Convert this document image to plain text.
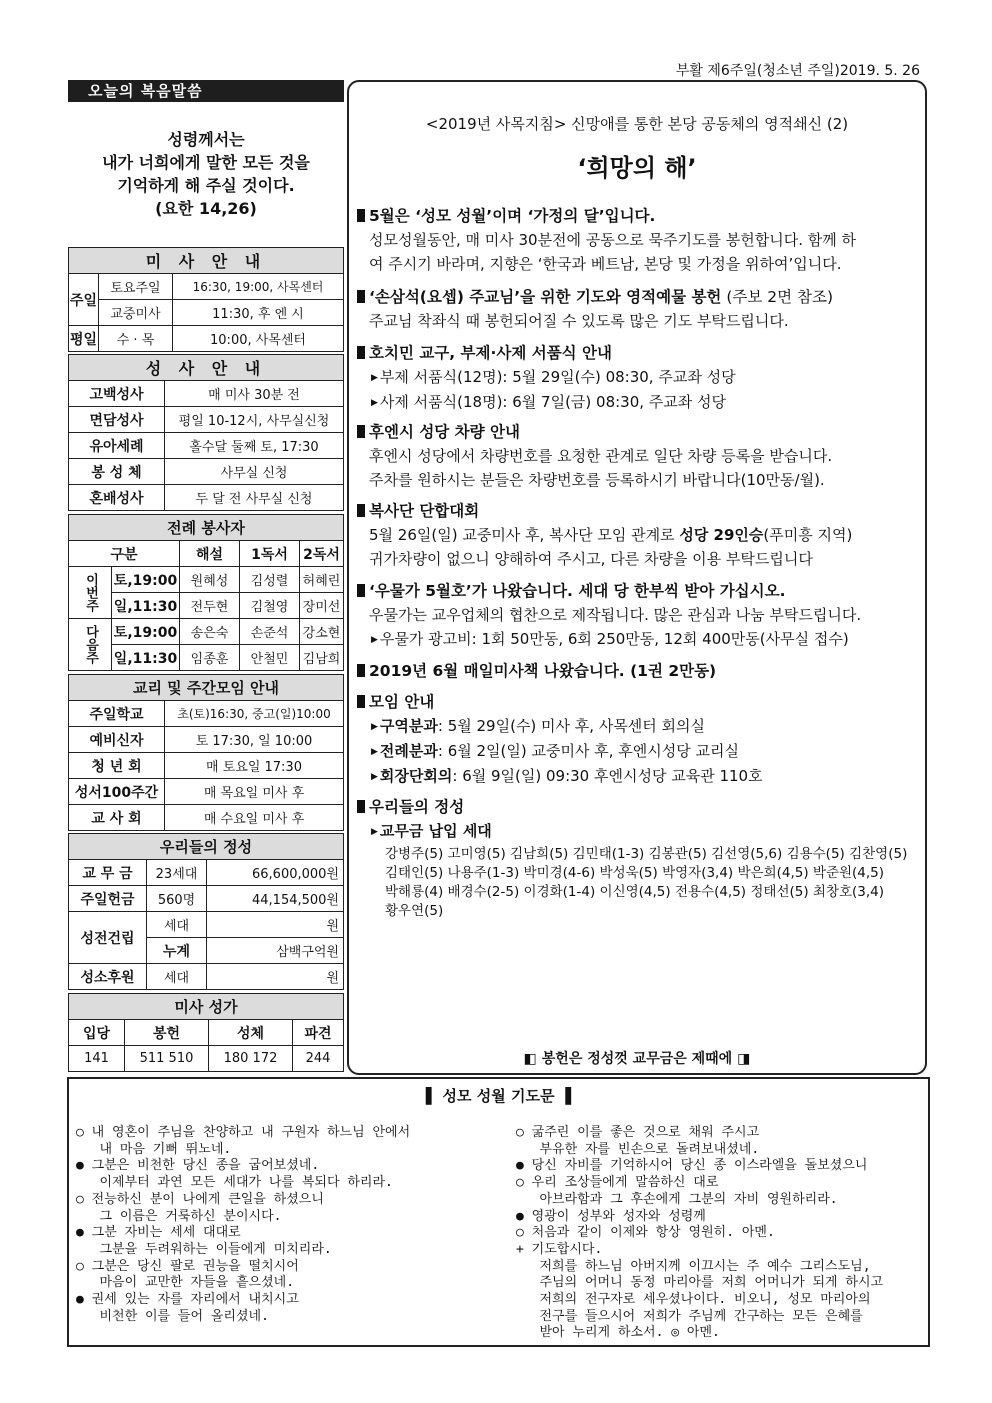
부활 제6주일(청소년 주일)2019. 5. 26
오늘의 복음말씀
성령께서는
내가 너희에게 말한 모든 것을
기억하게 해 주실 것이다.
(요한 14,26)
미 사 안 내		
주일	토요주일	16:30, 19:00, 사목센터
	교중미사	11:30, 후 엔 시
평일	수 · 목	10:00, 사목센터
성 사 안 내	
고백성사	매 미사 30분 전
면담성사	평일 10-12시, 사무실신청
유아세례	홀수달 둘째 토, 17:30
봉 성 체	사무실 신청
혼배성사	두 달 전 사무실 신청
전례 봉사자				
구분		해설	1독서	2독서
이번주	토,19:00	원혜성	김성렬	허혜린
	일,11:30	전두현	김철영	장미선
다음주	토,19:00	송은숙	손준석	강소현
	일,11:30	임종훈	안철민	김남희
교리 및 주간모임 안내	
주일학교	초(토)16:30, 중고(일)10:00
예비신자	토 17:30, 일 10:00
청 년 회	매 토요일 17:30
성서100주간	매 목요일 미사 후
교 사 회	매 수요일 미사 후
우리들의 정성		
교 무 금	23세대	66,600,000원
주일헌금	560명	44,154,500원
성전건립	세대	원
	누계	삼백구억원
성소후원	세대	원
미사 성가			
입당	봉헌	성체	파견
141	511 510	180 172	244
<2019년 사목지침> 신망애를 통한 본당 공동체의 영적쇄신 (2)
‘희망의 해’
5월은 ‘성모 성월’이며 ‘가정의 달’입니다.
성모성월동안, 매 미사 30분전에 공동으로 묵주기도를 봉헌합니다. 함께 하
여 주시기 바라며, 지향은 ‘한국과 베트남, 본당 및 가정을 위하여’입니다.
‘손삼석(요셉) 주교님’을 위한 기도와 영적예물 봉헌 (주보 2면 참조)
주교님 착좌식 때 봉헌되어질 수 있도록 많은 기도 부탁드립니다.
호치민 교구, 부제·사제 서품식 안내
▶ 부제 서품식(12명): 5월 29일(수) 08:30, 주교좌 성당
▶ 사제 서품식(18명): 6월 7일(금) 08:30, 주교좌 성당
후엔시 성당 차량 안내
후엔시 성당에서 차량번호를 요청한 관계로 일단 차량 등록을 받습니다.
주차를 원하시는 분들은 차량번호를 등록하시기 바랍니다(10만동/월).
복사단 단합대회
5월 26일(일) 교중미사 후, 복사단 모임 관계로 성당 29인승(푸미흥 지역)
귀가차량이 없으니 양해하여 주시고, 다른 차량을 이용 부탁드립니다
‘우물가 5월호’가 나왔습니다. 세대 당 한부씩 받아 가십시오.
우물가는 교우업체의 협찬으로 제작됩니다. 많은 관심과 나눔 부탁드립니다.
▶ 우물가 광고비: 1회 50만동, 6회 250만동, 12회 400만동(사무실 접수)
2019년 6월 매일미사책 나왔습니다. (1권 2만동)
모임 안내
▶ 구역분과: 5월 29일(수) 미사 후, 사목센터 회의실
▶ 전례분과: 6월 2일(일) 교중미사 후, 후엔시성당 교리실
▶ 회장단회의: 6월 9일(일) 09:30 후엔시성당 교육관 110호
우리들의 정성
▶ 교무금 납입 세대
강병주(5) 고미영(5) 김남희(5) 김민태(1-3) 김봉관(5) 김선영(5,6) 김용수(5) 김찬영(5)
김태인(5) 나용주(1-3) 박미경(4-6) 박성욱(5) 박영자(3,4) 박은희(4,5) 박준원(4,5)
박해룡(4) 배경수(2-5) 이경화(1-4) 이신영(4,5) 전용수(4,5) 정태선(5) 최창호(3,4)
황우연(5)
◧ 봉헌은 정성껏 교무금은 제때에 ◨
▌ 성모 성월 기도문 ▐
○ 내 영혼이 주님을 찬양하고 내 구원자 하느님 안에서
내 마음 기뻐 뛰노네.
● 그분은 비천한 당신 종을 굽어보셨네.
이제부터 과연 모든 세대가 나를 복되다 하리라.
○ 전능하신 분이 나에게 큰일을 하셨으니
그 이름은 거룩하신 분이시다.
● 그분 자비는 세세 대대로
그분을 두려워하는 이들에게 미치리라.
○ 그분은 당신 팔로 권능을 떨치시어
마음이 교만한 자들을 흩으셨네.
● 권세 있는 자를 자리에서 내치시고
비천한 이를 들어 올리셨네.
○ 굶주린 이를 좋은 것으로 채워 주시고
부유한 자를 빈손으로 돌려보내셨네.
● 당신 자비를 기억하시어 당신 종 이스라엘을 돌보셨으니
○ 우리 조상들에게 말씀하신 대로
아브라함과 그 후손에게 그분의 자비 영원하리라.
● 영광이 성부와 성자와 성령께
○ 처음과 같이 이제와 항상 영원히. 아멘.
+ 기도합시다.
저희를 하느님 아버지께 이끄시는 주 예수 그리스도님,
주님의 어머니 동정 마리아를 저희 어머니가 되게 하시고
저희의 전구자로 세우셨나이다. 비오니, 성모 마리아의
전구를 들으시어 저희가 주님께 간구하는 모든 은혜를
받아 누리게 하소서. ◎ 아멘.
